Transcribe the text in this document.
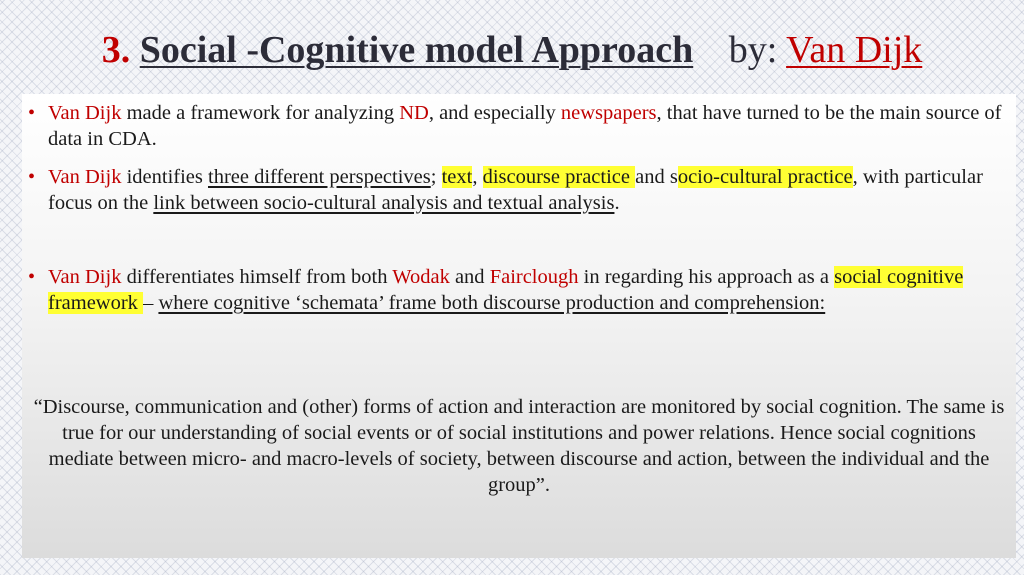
3. Social -Cognitive model Approach by: Van Dijk
• Van Dijk made a framework for analyzing ND, and especially newspapers, that have turned to be the main source of data in CDA.
• Van Dijk identifies three different perspectives; text, discourse practice and socio-cultural practice, with particular focus on the link between socio-cultural analysis and textual analysis.
• Van Dijk differentiates himself from both Wodak and Fairclough in regarding his approach as a social cognitive framework – where cognitive ‘schemata’ frame both discourse production and comprehension:
“Discourse, communication and (other) forms of action and interaction are monitored by social cognition. The same is true for our understanding of social events or of social institutions and power relations. Hence social cognitions mediate between micro- and macro-levels of society, between discourse and action, between the individual and the group”.
